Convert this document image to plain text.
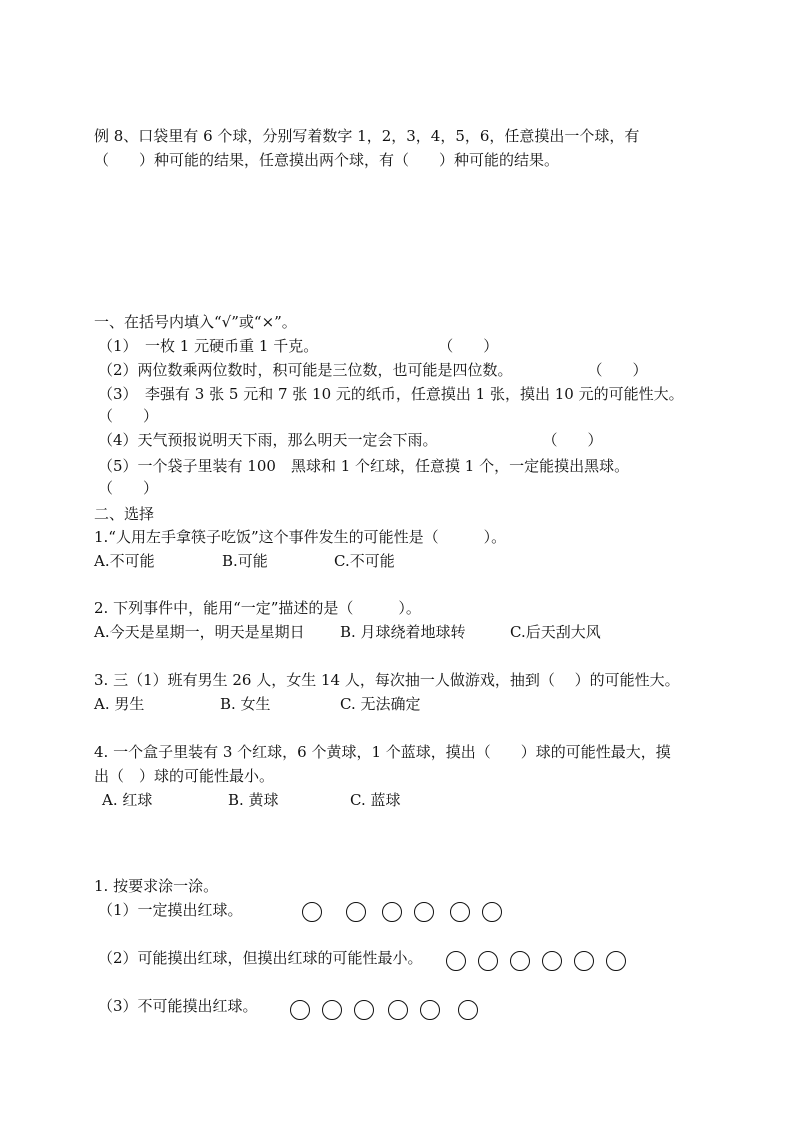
例 8、口袋里有 6 个球，分别写着数字 1，2，3，4，5，6，任意摸出一个球，有
（　　）种可能的结果，任意摸出两个球，有（　　）种可能的结果。
一、在括号内填入“√”或“×”。
（1）　一枚 1 元硬币重 1 千克。　　　　　　　　　（　　）
（2）两位数乘两位数时，积可能是三位数，也可能是四位数。　　　　　　（　　）
（3）　李强有 3 张 5 元和 7 张 10 元的纸币，任意摸出 1 张，摸出 10 元的可能性大。
（　　）
（4）天气预报说明天下雨，那么明天一定会下雨。　　　　　　　　（　　）
（5）一个袋子里装有 100　黑球和 1 个红球，任意摸 1 个，一定能摸出黑球。
（　　）
二、选择
1.“人用左手拿筷子吃饭”这个事件发生的可能性是（　　　）。
A.不可能	B.可能	C.不可能
2. 下列事件中，能用“一定”描述的是（　　　）。
A.今天是星期一，明天是星期日 B. 月球绕着地球转	C.后天刮大风
3. 三（1）班有男生 26 人，女生 14 人，每次抽一人做游戏，抽到（　 ）的可能性大。
A. 男生	B. 女生	C. 无法确定
4. 一个盒子里装有 3 个红球，6 个黄球，1 个蓝球，摸出（　　）球的可能性最大，摸
出（　）球的可能性最小。
A. 红球	B. 黄球	C. 蓝球
1. 按要求涂一涂。
（1）一定摸出红球。
（2）可能摸出红球，但摸出红球的可能性最小。
（3）不可能摸出红球。
